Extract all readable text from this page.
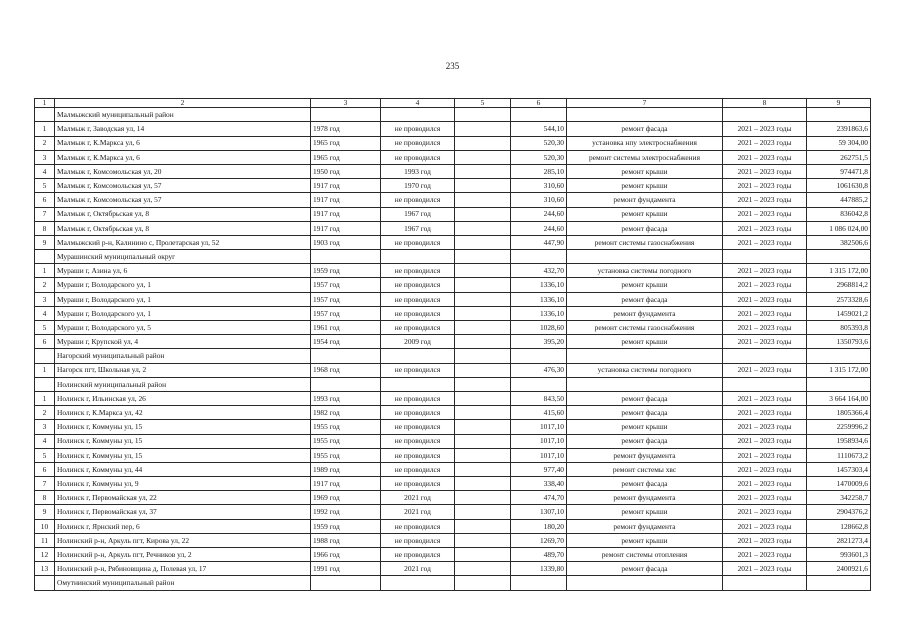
235
1	2	3	4	5	6	7	8	9
	Малмыжский муниципальный район							
1	Малмыж г, Заводская ул, 14	1978 год	не проводился		544,10	ремонт фасада	2021 – 2023 годы	2391863,6
2	Малмыж г, К.Маркса ул, 6	1965 год	не проводился		520,30	установка нпу электроснабжения	2021 – 2023 годы	59 304,00
3	Малмыж г, К.Маркса ул, 6	1965 год	не проводился		520,30	ремонт системы электроснабжения	2021 – 2023 годы	262751,5
4	Малмыж г, Комсомольская ул, 20	1950 год	1993 год		285,10	ремонт крыши	2021 – 2023 годы	974471,8
5	Малмыж г, Комсомольская ул, 57	1917 год	1970 год		310,60	ремонт крыши	2021 – 2023 годы	1061630,8
6	Малмыж г, Комсомольская ул, 57	1917 год	не проводился		310,60	ремонт фундамента	2021 – 2023 годы	447885,2
7	Малмыж г, Октябрьская ул, 8	1917 год	1967 год		244,60	ремонт крыши	2021 – 2023 годы	836042,8
8	Малмыж г, Октябрьская ул, 8	1917 год	1967 год		244,60	ремонт фасада	2021 – 2023 годы	1 086 024,00
9	Малмыжский р-н, Калинино с, Пролетарская ул, 52	1903 год	не проводился		447,90	ремонт системы газоснабжения	2021 – 2023 годы	382506,6
	Мурашинский муниципальный округ							
1	Мураши г, Азина ул, 6	1959 год	не проводился		432,70	установка системы погодного	2021 – 2023 годы	1 315 172,00
2	Мураши г, Володарского ул, 1	1957 год	не проводился		1336,10	ремонт крыши	2021 – 2023 годы	2968814,2
3	Мураши г, Володарского ул, 1	1957 год	не проводился		1336,10	ремонт фасада	2021 – 2023 годы	2573328,6
4	Мураши г, Володарского ул, 1	1957 год	не проводился		1336,10	ремонт фундамента	2021 – 2023 годы	1459021,2
5	Мураши г, Володарского ул, 5	1961 год	не проводился		1028,60	ремонт системы газоснабжения	2021 – 2023 годы	805393,8
6	Мураши г, Крупской ул, 4	1954 год	2009 год		395,20	ремонт крыши	2021 – 2023 годы	1350793,6
	Нагорский муниципальный район							
1	Нагорск пгт, Школьная ул, 2	1968 год	не проводился		476,30	установка системы погодного	2021 – 2023 годы	1 315 172,00
	Нолинский муниципальный район							
1	Нолинск г, Ильинская ул, 26	1993 год	не проводился		843,50	ремонт фасада	2021 – 2023 годы	3 664 164,00
2	Нолинск г, К.Маркса ул, 42	1982 год	не проводился		415,60	ремонт фасада	2021 – 2023 годы	1805366,4
3	Нолинск г, Коммуны ул, 15	1955 год	не проводился		1017,10	ремонт крыши	2021 – 2023 годы	2259996,2
4	Нолинск г, Коммуны ул, 15	1955 год	не проводился		1017,10	ремонт фасада	2021 – 2023 годы	1958934,6
5	Нолинск г, Коммуны ул, 15	1955 год	не проводился		1017,10	ремонт фундамента	2021 – 2023 годы	1110673,2
6	Нолинск г, Коммуны ул, 44	1989 год	не проводился		977,40	ремонт системы хвс	2021 – 2023 годы	1457303,4
7	Нолинск г, Коммуны ул, 9	1917 год	не проводился		338,40	ремонт фасада	2021 – 2023 годы	1470009,6
8	Нолинск г, Первомайская ул, 22	1969 год	2021 год		474,70	ремонт фундамента	2021 – 2023 годы	342258,7
9	Нолинск г, Первомайская ул, 37	1992 год	2021 год		1307,10	ремонт крыши	2021 – 2023 годы	2904376,2
10	Нолинск г, Ярнский пер, 6	1959 год	не проводился		180,20	ремонт фундамента	2021 – 2023 годы	128662,8
11	Нолинский р-н, Аркуль пгт, Кирова ул, 22	1988 год	не проводился		1269,70	ремонт крыши	2021 – 2023 годы	2821273,4
12	Нолинский р-н, Аркуль пгт, Речников ул, 2	1966 год	не проводился		489,70	ремонт системы отопления	2021 – 2023 годы	993601,3
13	Нолинский р-н, Рябиновщина д, Полевая ул, 17	1991 год	2021 год		1339,80	ремонт фасада	2021 – 2023 годы	2400921,6
	Омутнинский муниципальный район							
